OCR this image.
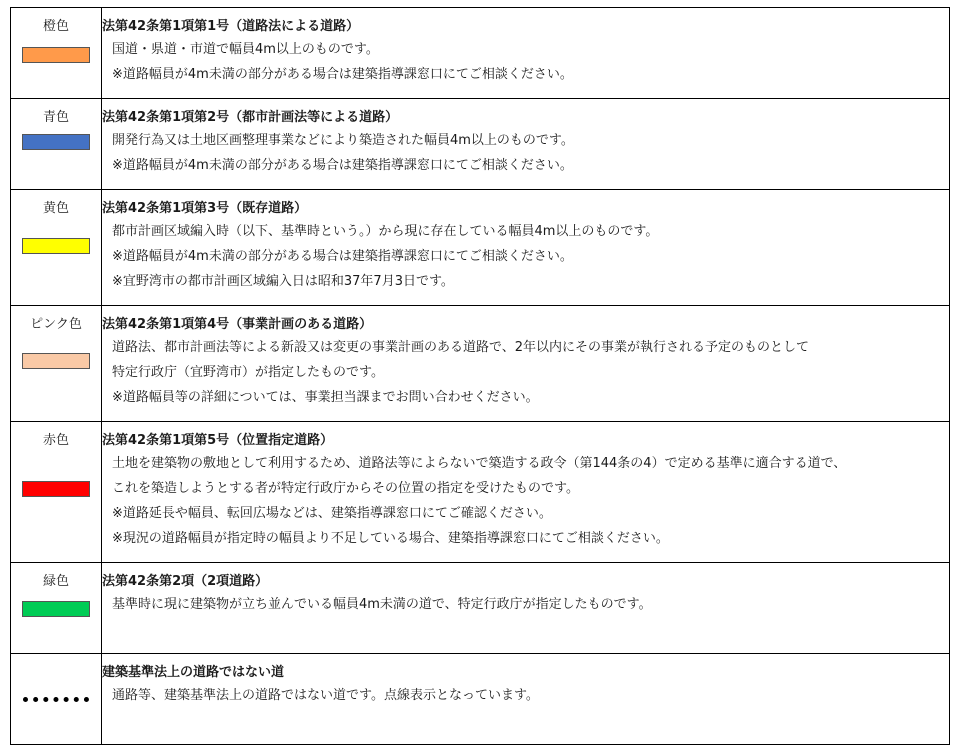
橙色	法第42条第1項第1号（道路法による道路）
国道・県道・市道で幅員4m以上のものです。
※道路幅員が4m未満の部分がある場合は建築指導課窓口にてご相談ください。

青色	法第42条第1項第2号（都市計画法等による道路）
開発行為又は土地区画整理事業などにより築造された幅員4m以上のものです。
※道路幅員が4m未満の部分がある場合は建築指導課窓口にてご相談ください。

黄色	法第42条第1項第3号（既存道路）
都市計画区域編入時（以下、基準時という。）から現に存在している幅員4m以上のものです。
※道路幅員が4m未満の部分がある場合は建築指導課窓口にてご相談ください。
※宜野湾市の都市計画区域編入日は昭和37年7月3日です。

ピンク色	法第42条第1項第4号（事業計画のある道路）
道路法、都市計画法等による新設又は変更の事業計画のある道路で、2年以内にその事業が執行される予定のものとして
特定行政庁（宜野湾市）が指定したものです。
※道路幅員等の詳細については、事業担当課までお問い合わせください。

赤色	法第42条第1項第5号（位置指定道路）
土地を建築物の敷地として利用するため、道路法等によらないで築造する政令（第144条の4）で定める基準に適合する道で、
これを築造しようとする者が特定行政庁からその位置の指定を受けたものです。
※道路延長や幅員、転回広場などは、建築指導課窓口にてご確認ください。
※現況の道路幅員が指定時の幅員より不足している場合、建築指導課窓口にてご相談ください。

緑色	法第42条第2項（2項道路）
基準時に現に建築物が立ち並んでいる幅員4m未満の道で、特定行政庁が指定したものです。

	建築基準法上の道路ではない道
通路等、建築基準法上の道路ではない道です。点線表示となっています。
